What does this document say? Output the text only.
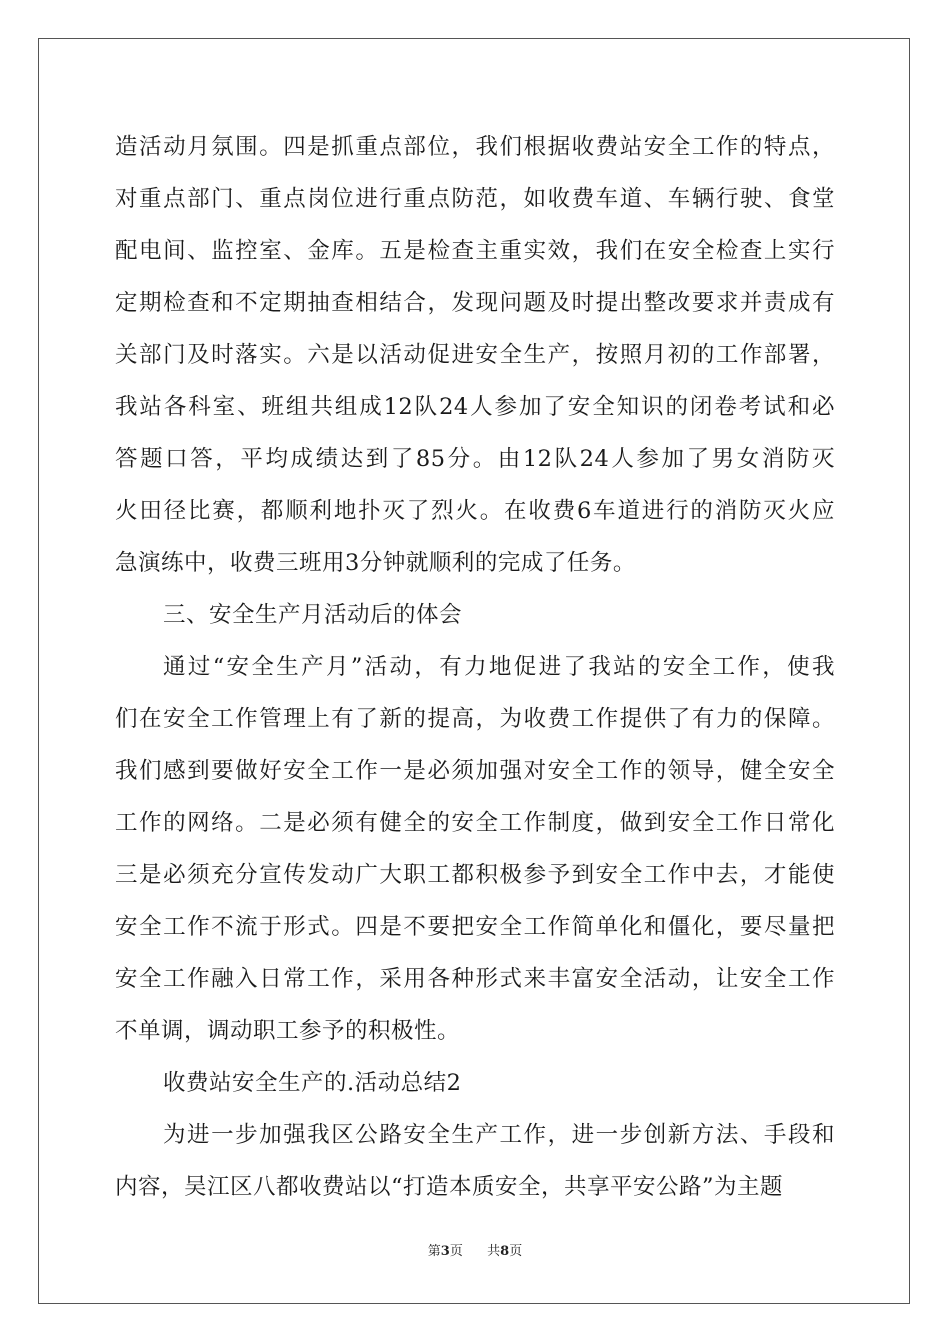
造活动月氛围。四是抓重点部位，我们根据收费站安全工作的特点，
对重点部门、重点岗位进行重点防范，如收费车道、车辆行驶、食堂
配电间、监控室、金库。五是检查主重实效，我们在安全检查上实行
定期检查和不定期抽查相结合，发现问题及时提出整改要求并责成有
关部门及时落实。六是以活动促进安全生产，按照月初的工作部署，
我站各科室、班组共组成12队24人参加了安全知识的闭卷考试和必
答题口答，平均成绩达到了85分。由12队24人参加了男女消防灭
火田径比赛，都顺利地扑灭了烈火。在收费6车道进行的消防灭火应
急演练中，收费三班用3分钟就顺利的完成了任务。
三、安全生产月活动后的体会
通过“安全生产月”活动，有力地促进了我站的安全工作，使我
们在安全工作管理上有了新的提高，为收费工作提供了有力的保障。
我们感到要做好安全工作一是必须加强对安全工作的领导，健全安全
工作的网络。二是必须有健全的安全工作制度，做到安全工作日常化
三是必须充分宣传发动广大职工都积极参予到安全工作中去，才能使
安全工作不流于形式。四是不要把安全工作简单化和僵化，要尽量把
安全工作融入日常工作，采用各种形式来丰富安全活动，让安全工作
不单调，调动职工参予的积极性。
收费站安全生产的.活动总结2
为进一步加强我区公路安全生产工作，进一步创新方法、手段和
内容，吴江区八都收费站以“打造本质安全，共享平安公路”为主题
第3页 共8页
